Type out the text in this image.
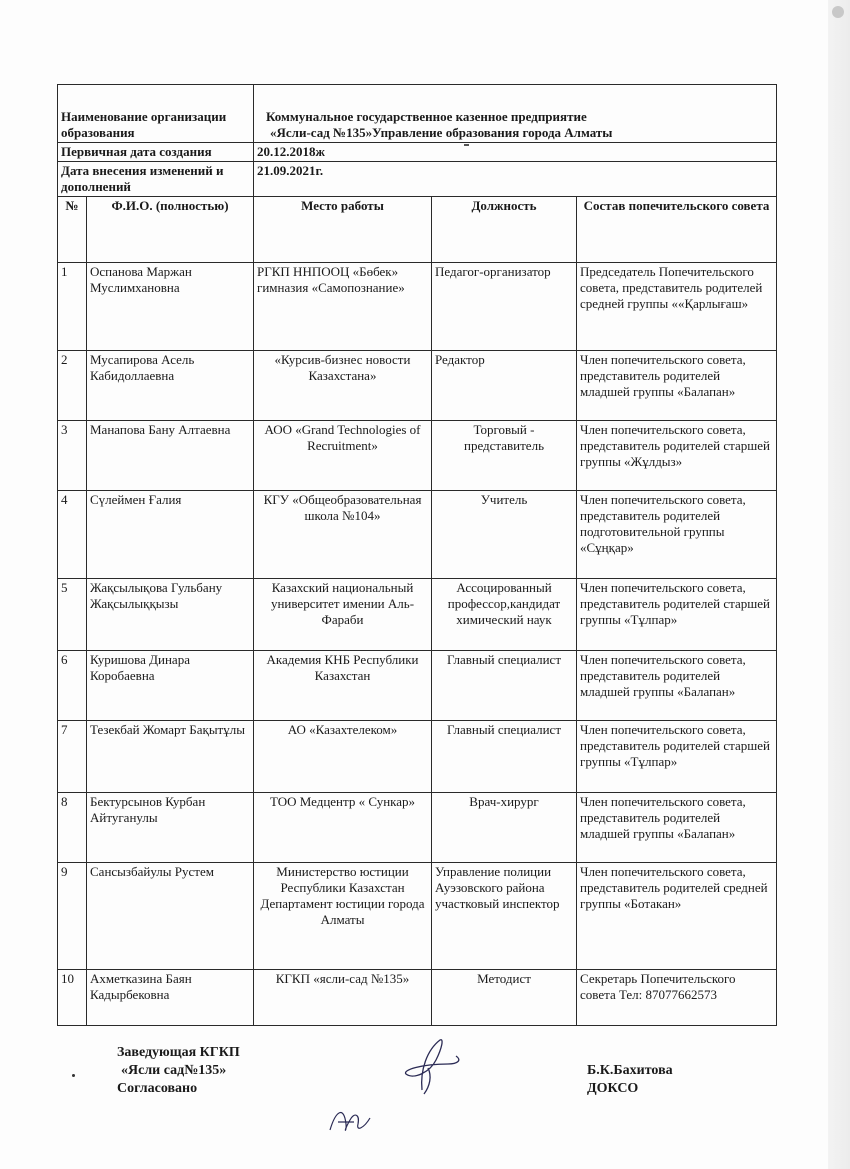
Наименование организации образования		Коммунальное государственное казенное предприятие
«Ясли-сад №135»Управление образования города Алматы		

Первичная дата создания		20.12.2018ж		
Дата внесения изменений и дополнений		21.09.2021г.		
№	Ф.И.О. (полностью)	Место работы	Должность	Состав попечительского совета
1	Оспанова Маржан Муслимхановна	РГКП ННПООЦ «Бөбек» гимназия «Самопознание»	Педагог-организатор	Председатель Попечительского совета, представитель родителей средней группы ««Қарлығаш»
2	Мусапирова Асель Кабидоллаевна	«Курсив-бизнес новости Казахстана»	Редактор	Член попечительского совета, представитель родителей младшей группы «Балапан»
3	Манапова Бану Алтаевна	АОО «Grand Technologies of Recruitment»	Торговый - представитель	Член попечительского совета, представитель родителей старшей группы «Жұлдыз»
4	Сүлеймен Ғалия	КГУ «Общеобразовательная школа №104»	Учитель	Член попечительского совета, представитель родителей подготовительной группы «Сұңқар»
5	Жақсылықова Гульбану Жақсылыққызы	Казахский национальный университет имении Аль-Фараби	Ассоцированный профессор,кандидат химический наук	Член попечительского совета, представитель родителей старшей группы «Тұлпар»
6	Куришова Динара Коробаевна	Академия КНБ Республики Казахстан	Главный специалист	Член попечительского совета, представитель родителей младшей группы «Балапан»
7	Тезекбай Жомарт Бақытұлы	АО «Казахтелеком»	Главный специалист	Член попечительского совета, представитель родителей старшей группы «Тұлпар»
8	Бектурсынов Курбан Айтуганулы	ТОО Медцентр « Сункар»	Врач-хирург	Член попечительского совета, представитель родителей младшей группы «Балапан»
9	Сансызбайулы Рустем	Министерство юстиции Республики Казахстан Департамент юстиции города Алматы	Управление полиции Ауэзовского района участковый инспектор	Член попечительского совета, представитель родителей средней группы «Ботакан»
10	Ахметказина Баян Кадырбековна	КГКП «ясли-сад №135»	Методист	Секретарь Попечительского совета Тел: 87077662573
Заведующая КГКП
«Ясли сад№135»
Согласовано
Б.К.Бахитова
ДОКСО
